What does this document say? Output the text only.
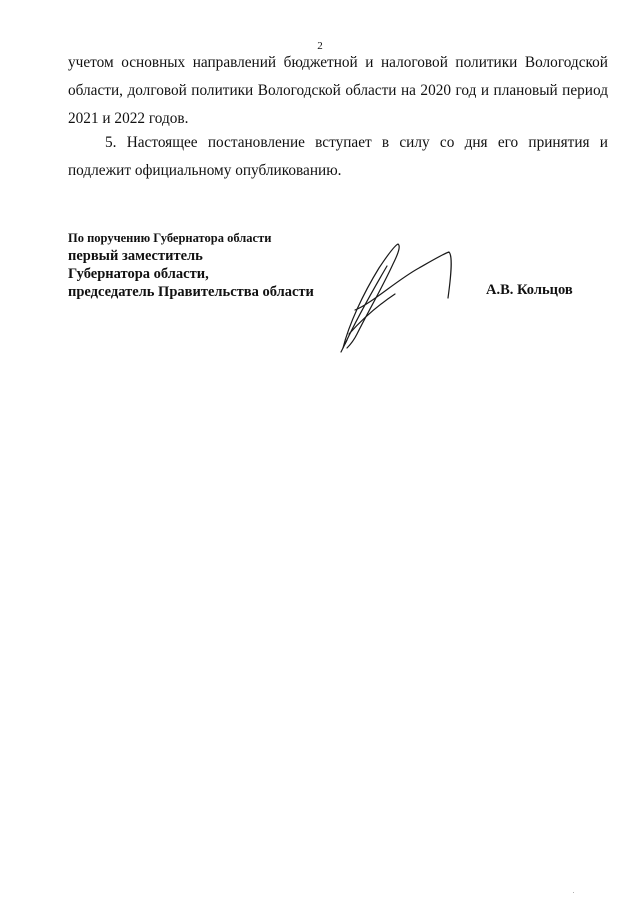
2
учетом основных направлений бюджетной и налоговой политики Вологодской
области, долговой политики Вологодской области на 2020 год и плановый период
2021 и 2022 годов.
5. Настоящее постановление вступает в силу со дня его принятия и
подлежит официальному опубликованию.
По поручению Губернатора области
первый заместитель
Губернатора области,
председатель Правительства области	А.В. Кольцов
